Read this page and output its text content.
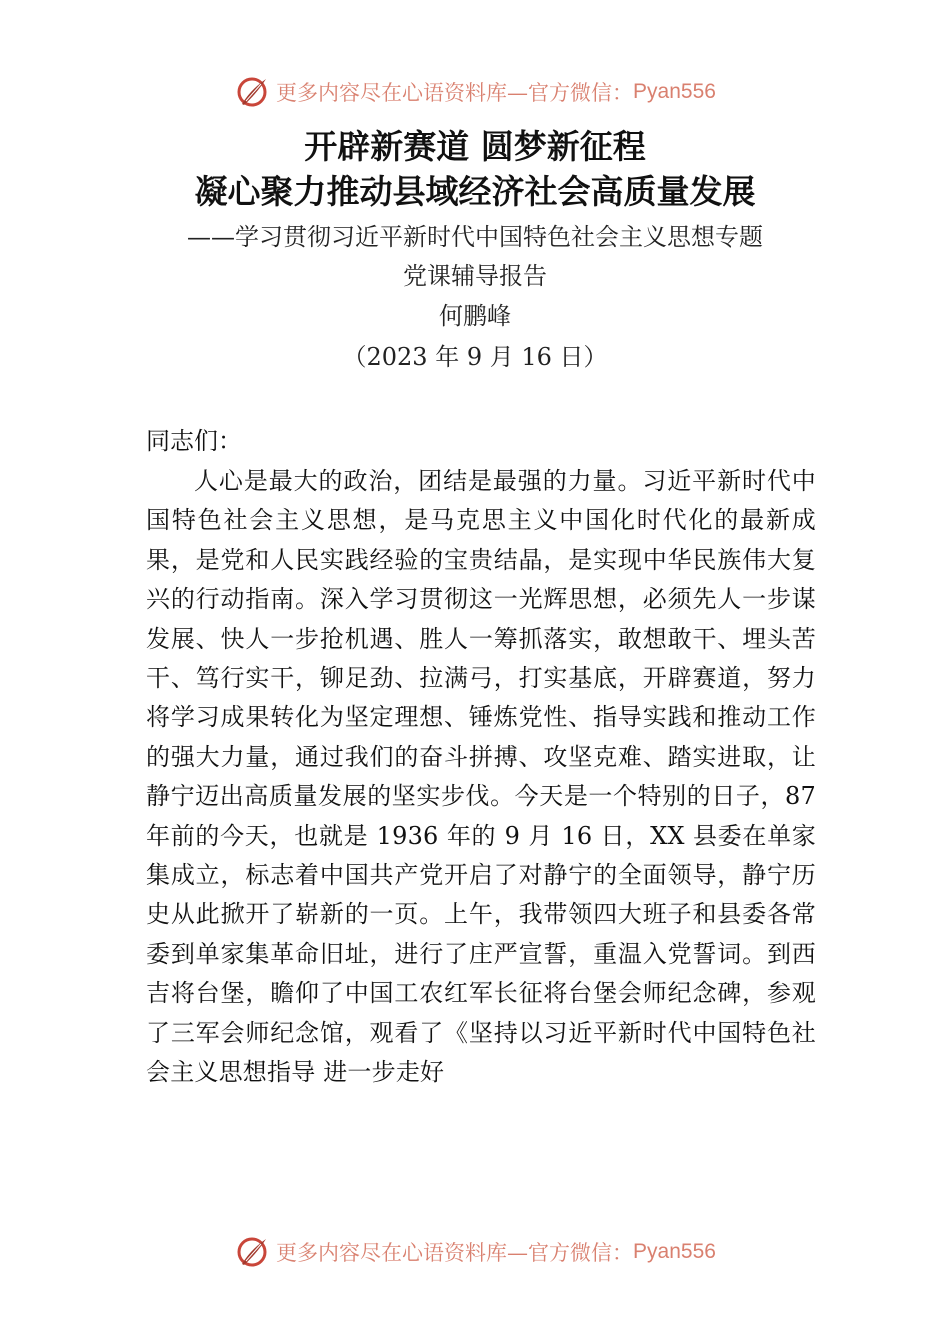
更多内容尽在心语资料库—官方微信： Pyan556
开辟新赛道 圆梦新征程
凝心聚力推动县域经济社会高质量发展
——学习贯彻习近平新时代中国特色社会主义思想专题
党课辅导报告
何鹏峰
（2023 年 9 月 16 日）
同志们：
人心是最大的政治，团结是最强的力量。习近平新时代中国特色社会主义思想，是马克思主义中国化时代化的最新成果，是党和人民实践经验的宝贵结晶，是实现中华民族伟大复兴的行动指南。深入学习贯彻这一光辉思想，必须先人一步谋发展、快人一步抢机遇、胜人一筹抓落实，敢想敢干、埋头苦干、笃行实干，铆足劲、拉满弓，打实基底，开辟赛道，努力将学习成果转化为坚定理想、锤炼党性、指导实践和推动工作的强大力量，通过我们的奋斗拼搏、攻坚克难、踏实进取，让静宁迈出高质量发展的坚实步伐。今天是一个特别的日子，87 年前的今天，也就是 1936 年的 9 月 16 日，XX 县委在单家集成立，标志着中国共产党开启了对静宁的全面领导，静宁历史从此掀开了崭新的一页。上午，我带领四大班子和县委各常委到单家集革命旧址，进行了庄严宣誓，重温入党誓词。到西吉将台堡，瞻仰了中国工农红军长征将台堡会师纪念碑，参观了三军会师纪念馆，观看了《坚持以习近平新时代中国特色社会主义思想指导 进一步走好
更多内容尽在心语资料库—官方微信： Pyan556
